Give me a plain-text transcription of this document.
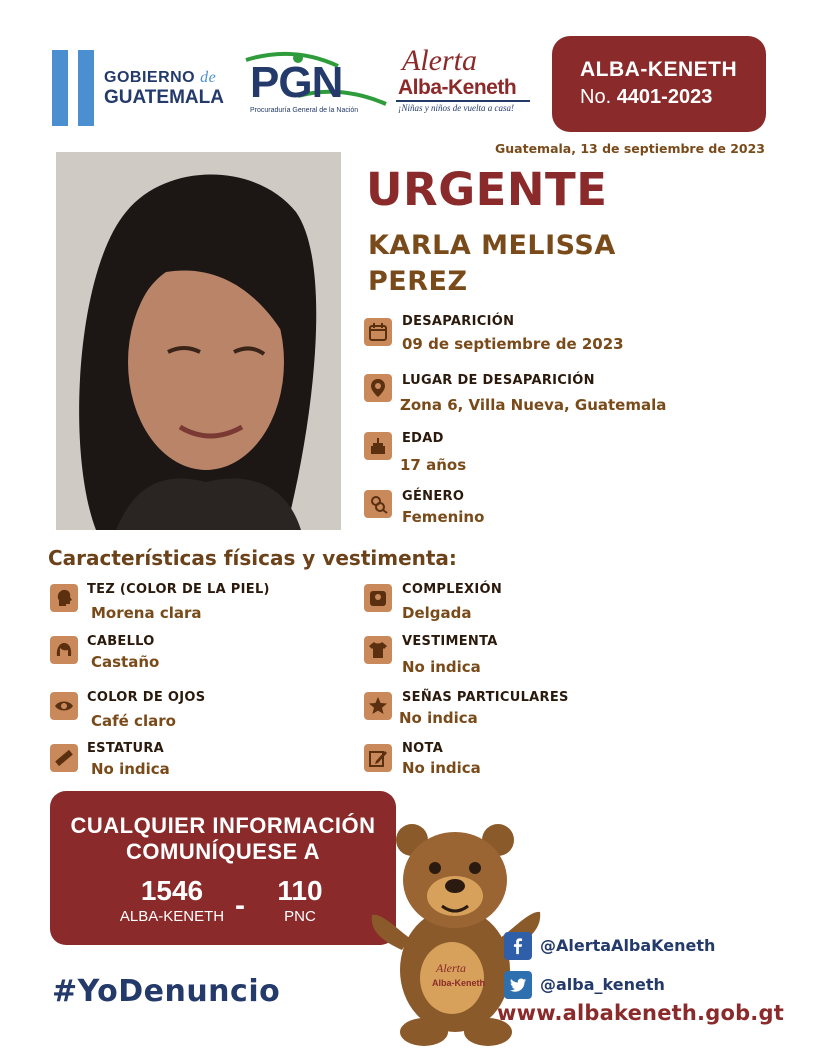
GOBIERNO de
GUATEMALA PGN
Procuraduría General de la Nación
Alerta
Alba-Keneth
¡Niñas y niños de vuelta a casa!
ALBA-KENETH
No. 4401-2023
Guatemala, 13 de septiembre de 2023
URGENTE
KARLA MELISSA
PEREZ
DESAPARICIÓN
09 de septiembre de 2023
LUGAR DE DESAPARICIÓN
Zona 6, Villa Nueva, Guatemala
EDAD
17 años
GÉNERO
Femenino
Características físicas y vestimenta:
TEZ (COLOR DE LA PIEL)
Morena clara
CABELLO
Castaño
COLOR DE OJOS
Café claro
ESTATURA
No indica
COMPLEXIÓN
Delgada
VESTIMENTA
No indica
SEÑAS PARTICULARES
No indica
NOTA
No indica
CUALQUIER INFORMACIÓN
COMUNÍQUESE A
1546
ALBA-KENETH -	110
PNC
Alerta
Alba-Keneth
#YoDenuncio
@AlertaAlbaKeneth
@alba_keneth
www.albakeneth.gob.gt
